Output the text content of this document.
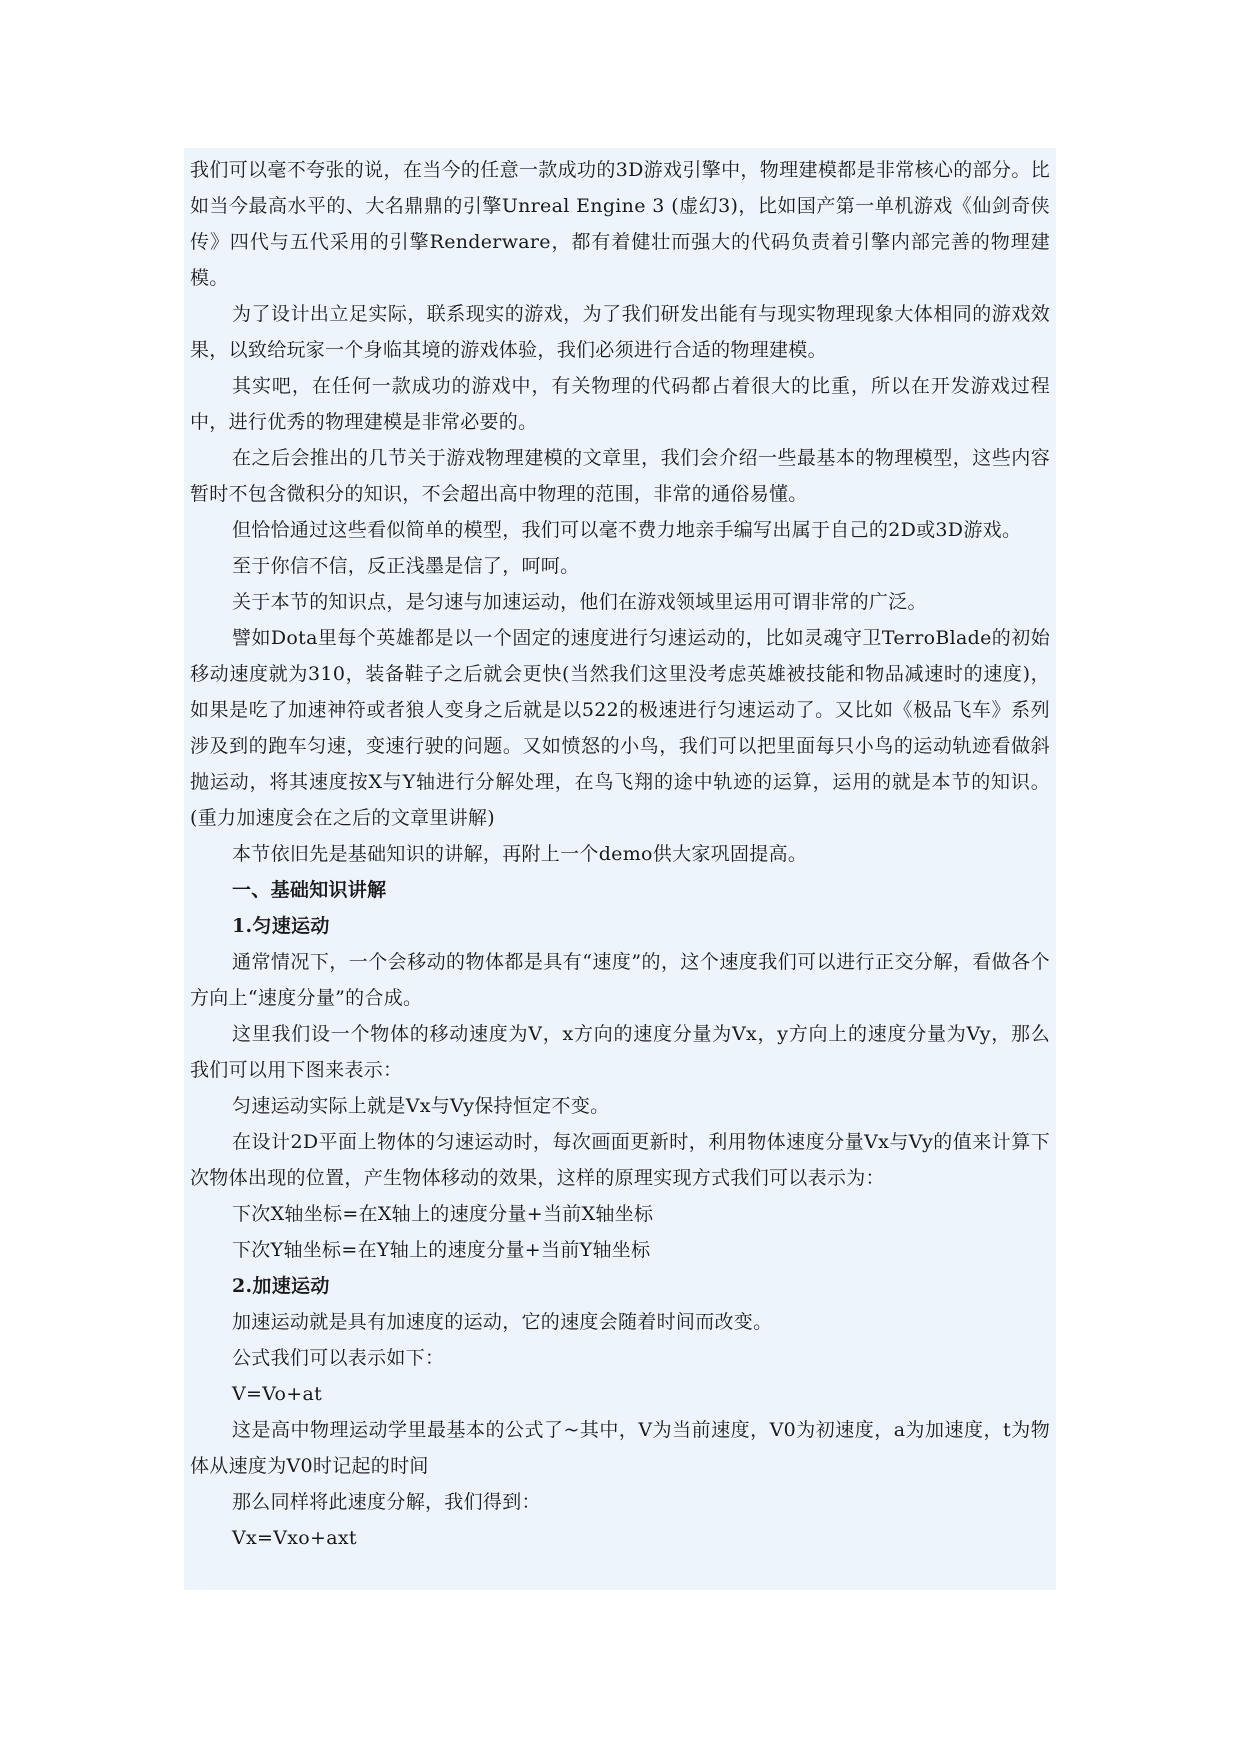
我们可以毫不夸张的说，在当今的任意一款成功的3D游戏引擎中，物理建模都是非常核心的部分。比如当今最高水平的、大名鼎鼎的引擎Unreal Engine 3 (虚幻3)，比如国产第一单机游戏《仙剑奇侠传》四代与五代采用的引擎Renderware，都有着健壮而强大的代码负责着引擎内部完善的物理建模。

为了设计出立足实际，联系现实的游戏，为了我们研发出能有与现实物理现象大体相同的游戏效果，以致给玩家一个身临其境的游戏体验，我们必须进行合适的物理建模。

其实吧，在任何一款成功的游戏中，有关物理的代码都占着很大的比重，所以在开发游戏过程中，进行优秀的物理建模是非常必要的。

在之后会推出的几节关于游戏物理建模的文章里，我们会介绍一些最基本的物理模型，这些内容暂时不包含微积分的知识，不会超出高中物理的范围，非常的通俗易懂。

但恰恰通过这些看似简单的模型，我们可以毫不费力地亲手编写出属于自己的2D或3D游戏。

至于你信不信，反正浅墨是信了，呵呵。

关于本节的知识点，是匀速与加速运动，他们在游戏领域里运用可谓非常的广泛。

譬如Dota里每个英雄都是以一个固定的速度进行匀速运动的，比如灵魂守卫TerroBlade的初始移动速度就为310，装备鞋子之后就会更快(当然我们这里没考虑英雄被技能和物品减速时的速度)，如果是吃了加速神符或者狼人变身之后就是以522的极速进行匀速运动了。又比如《极品飞车》系列涉及到的跑车匀速，变速行驶的问题。又如愤怒的小鸟，我们可以把里面每只小鸟的运动轨迹看做斜抛运动，将其速度按X与Y轴进行分解处理，在鸟飞翔的途中轨迹的运算，运用的就是本节的知识。(重力加速度会在之后的文章里讲解)

本节依旧先是基础知识的讲解，再附上一个demo供大家巩固提高。

一、基础知识讲解

1.匀速运动

通常情况下，一个会移动的物体都是具有“速度”的，这个速度我们可以进行正交分解，看做各个方向上“速度分量”的合成。

这里我们设一个物体的移动速度为V，x方向的速度分量为Vx，y方向上的速度分量为Vy，那么我们可以用下图来表示：

匀速运动实际上就是Vx与Vy保持恒定不变。

在设计2D平面上物体的匀速运动时，每次画面更新时，利用物体速度分量Vx与Vy的值来计算下次物体出现的位置，产生物体移动的效果，这样的原理实现方式我们可以表示为：

下次X轴坐标=在X轴上的速度分量+当前X轴坐标

下次Y轴坐标=在Y轴上的速度分量+当前Y轴坐标

2.加速运动

加速运动就是具有加速度的运动，它的速度会随着时间而改变。

公式我们可以表示如下：

V=Vo+at

这是高中物理运动学里最基本的公式了~其中，V为当前速度，V0为初速度，a为加速度，t为物体从速度为V0时记起的时间

那么同样将此速度分解，我们得到：

Vx=Vxo+axt
